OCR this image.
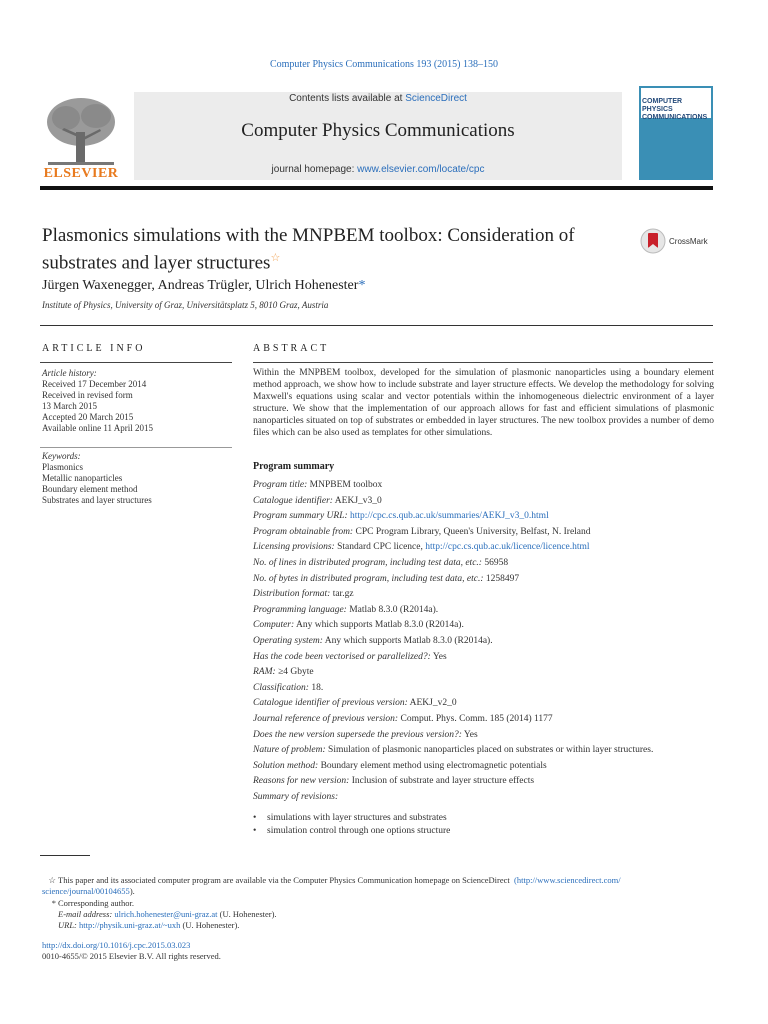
Computer Physics Communications 193 (2015) 138–150
ELSEVIER
Contents lists available at ScienceDirect
Computer Physics Communications
journal homepage: www.elsevier.com/locate/cpc
COMPUTER PHYSICS
COMMUNICATIONS
Plasmonics simulations with the MNPBEM toolbox: Consideration of
substrates and layer structures☆
CrossMark
Jürgen Waxenegger, Andreas Trügler, Ulrich Hohenester*
Institute of Physics, University of Graz, Universitätsplatz 5, 8010 Graz, Austria
ARTICLE INFO
Article history:
Received 17 December 2014
Received in revised form
13 March 2015
Accepted 20 March 2015
Available online 11 April 2015
Keywords:
Plasmonics
Metallic nanoparticles
Boundary element method
Substrates and layer structures
ABSTRACT
Within the MNPBEM toolbox, developed for the simulation of plasmonic nanoparticles using a boundary element method approach, we show how to include substrate and layer structure effects. We develop the methodology for solving Maxwell's equations using scalar and vector potentials within the inhomogeneous dielectric environment of a layer structure. We show that the implementation of our approach allows for fast and efficient simulations of plasmonic nanoparticles situated on top of substrates or embedded in layer structures. The new toolbox provides a number of demo files which can be also used as templates for other simulations.
Program summary
Program title: MNPBEM toolbox
Catalogue identifier: AEKJ_v3_0
Program summary URL: http://cpc.cs.qub.ac.uk/summaries/AEKJ_v3_0.html
Program obtainable from: CPC Program Library, Queen's University, Belfast, N. Ireland
Licensing provisions: Standard CPC licence, http://cpc.cs.qub.ac.uk/licence/licence.html
No. of lines in distributed program, including test data, etc.: 56958
No. of bytes in distributed program, including test data, etc.: 1258497
Distribution format: tar.gz
Programming language: Matlab 8.3.0 (R2014a).
Computer: Any which supports Matlab 8.3.0 (R2014a).
Operating system: Any which supports Matlab 8.3.0 (R2014a).
Has the code been vectorised or parallelized?: Yes
RAM: ≥4 Gbyte
Classification: 18.
Catalogue identifier of previous version: AEKJ_v2_0
Journal reference of previous version: Comput. Phys. Comm. 185 (2014) 1177
Does the new version supersede the previous version?: Yes
Nature of problem: Simulation of plasmonic nanoparticles placed on substrates or within layer structures.
Solution method: Boundary element method using electromagnetic potentials
Reasons for new version: Inclusion of substrate and layer structure effects
Summary of revisions:
• simulations with layer structures and substrates
• simulation control through one options structure
☆ This paper and its associated computer program are available via the Computer Physics Communication homepage on ScienceDirect (http://www.sciencedirect.com/
science/journal/00104655).
* Corresponding author.
E-mail address: ulrich.hohenester@uni-graz.at (U. Hohenester).
URL: http://physik.uni-graz.at/~uxh (U. Hohenester).
http://dx.doi.org/10.1016/j.cpc.2015.03.023
0010-4655/© 2015 Elsevier B.V. All rights reserved.
